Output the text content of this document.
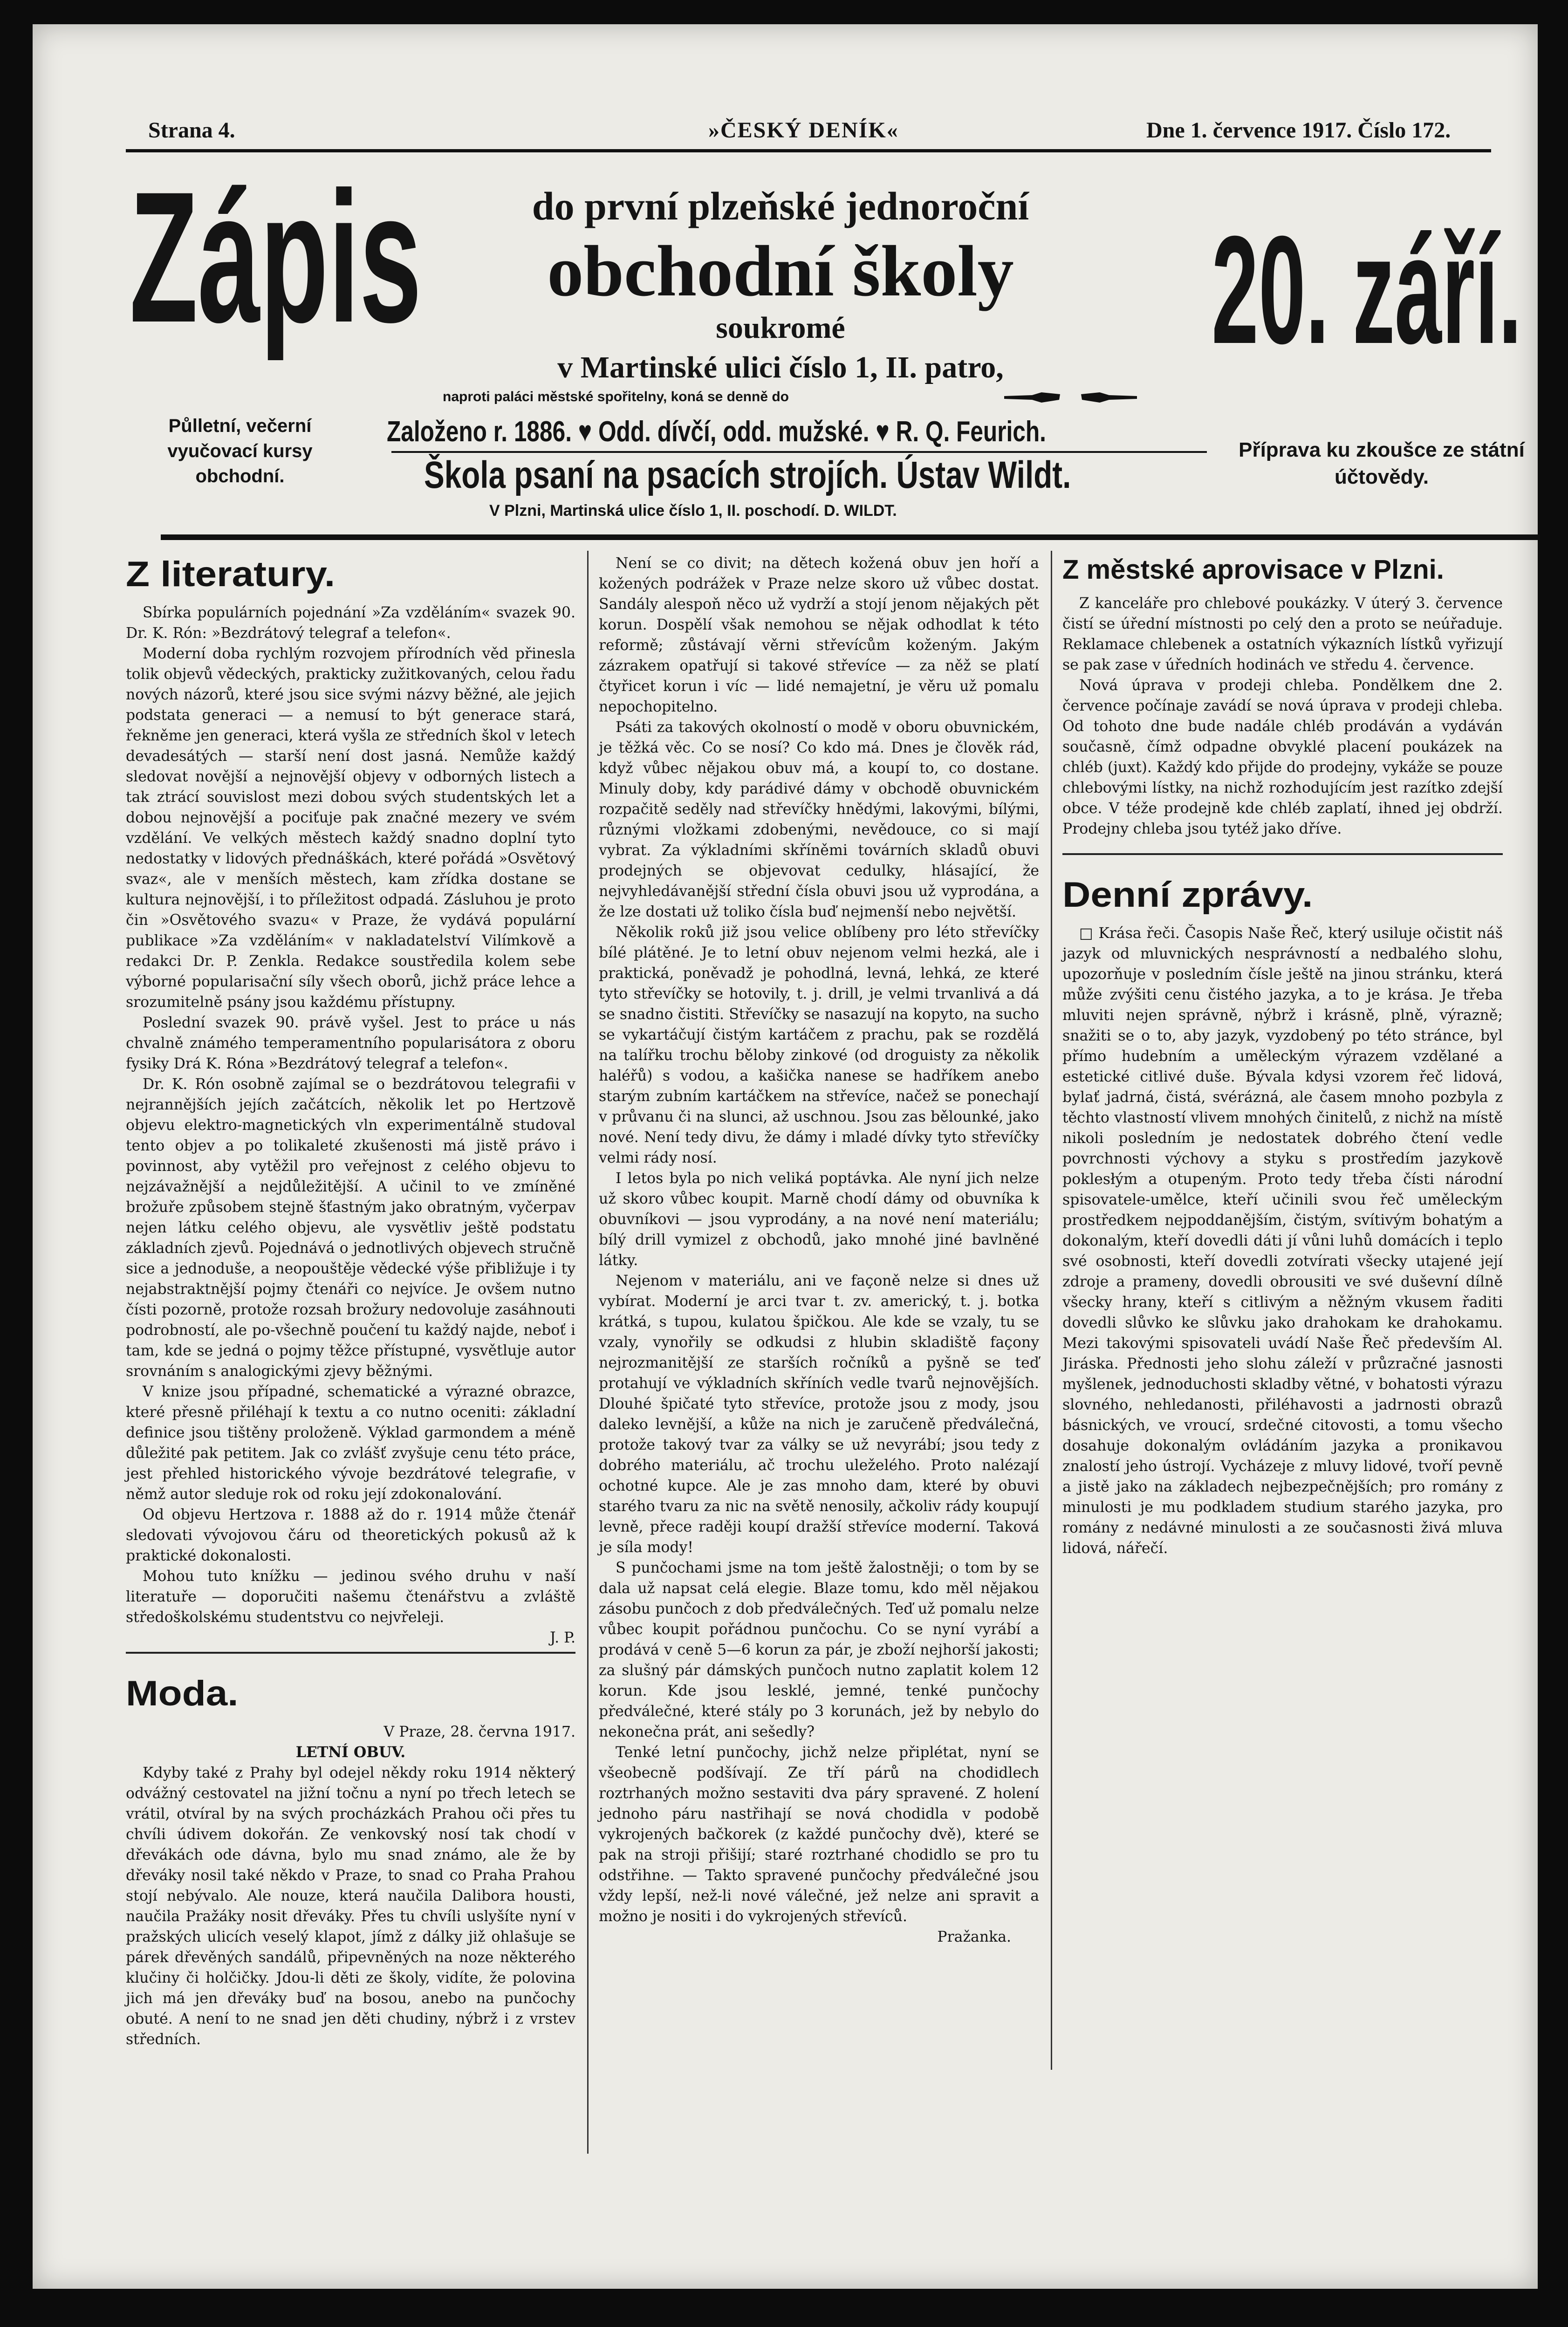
Strana 4.	»ČESKÝ DENÍK«	Dne 1. července 1917. Číslo 172.
Zápis
Půlletní, večerní vyučovací kursy obchodní.
do první plzeňské jednoroční
obchodní školy
soukromé
v Martinské ulici číslo 1, II. patro,
naproti paláci městské spořitelny, koná se denně do
Založeno r. 1886. ♥ Odd. dívčí, odd. mužské. ♥ R. Q. Feurich.
Škola psaní na psacích strojích. Ústav Wildt.
V Plzni, Martinská ulice číslo 1, II. poschodí. D. WILDT.
20. září.
Příprava ku zkoušce ze státní účtovědy.
Z literatury.

Sbírka populárních pojednání »Za vzděláním« svazek 90. Dr. K. Rón: »Bezdrátový telegraf a telefon«.

Moderní doba rychlým rozvojem přírodních věd přinesla tolik objevů vědeckých, prakticky zužitkovaných, celou řadu nových názorů, které jsou sice svými názvy běžné, ale jejich podstata generaci — a nemusí to být generace stará, řekněme jen generaci, která vyšla ze středních škol v letech devadesátých — starší není dost jasná. Nemůže každý sledovat novější a nejnovější objevy v odborných listech a tak ztrácí souvislost mezi dobou svých studentských let a dobou nejnovější a pociťuje pak značné mezery ve svém vzdělání. Ve velkých městech každý snadno doplní tyto nedostatky v lidových přednáškách, které pořádá »Osvětový svaz«, ale v menších městech, kam zřídka dostane se kultura nejnovější, i to příležitost odpadá. Zásluhou je proto čin »Osvětového svazu« v Praze, že vydává populární publikace »Za vzděláním« v nakladatelství Vilímkově a redakci Dr. P. Zenkla. Redakce soustředila kolem sebe výborné popularisační síly všech oborů, jichž práce lehce a srozumitelně psány jsou každému přístupny.

Poslední svazek 90. právě vyšel. Jest to práce u nás chvalně známého temperamentního popularisátora z oboru fysiky Drá K. Róna »Bezdrátový telegraf a telefon«.

Dr. K. Rón osobně zajímal se o bezdrátovou telegrafii v nejrannějších jejích začátcích, několik let po Hertzově objevu elektro-magnetických vln experimentálně studoval tento objev a po tolikaleté zkušenosti má jistě právo i povinnost, aby vytěžil pro veřejnost z celého objevu to nejzávažnější a nejdůležitější. A učinil to ve zmíněné brožuře způsobem stejně šťastným jako obratným, vyčerpav nejen látku celého objevu, ale vysvětliv ještě podstatu základních zjevů. Pojednává o jednotlivých objevech stručně sice a jednoduše, a neopouštěje vědecké výše přibližuje i ty nejabstraktnější pojmy čtenáři co nejvíce. Je ovšem nutno čísti pozorně, protože rozsah brožury nedovoluje zasáhnouti podrobností, ale po-všechně poučení tu každý najde, neboť i tam, kde se jedná o pojmy těžce přístupné, vysvětluje autor srovnáním s analogickými zjevy běžnými.

V knize jsou případné, schematické a výrazné obrazce, které přesně přiléhají k textu a co nutno oceniti: základní definice jsou tištěny proloženě. Výklad garmondem a méně důležité pak petitem. Jak co zvlášť zvyšuje cenu této práce, jest přehled historického vývoje bezdrátové telegrafie, v němž autor sleduje rok od roku její zdokonalování.

Od objevu Hertzova r. 1888 až do r. 1914 může čtenář sledovati vývojovou čáru od theoretických pokusů až k praktické dokonalosti.

Mohou tuto knížku — jedinou svého druhu v naší literatuře — doporučiti našemu čtenářstvu a zvláště středoškolskému studentstvu co nejvřeleji.

J. P.

Moda.

V Praze, 28. června 1917.

LETNÍ OBUV.

Kdyby také z Prahy byl odejel někdy roku 1914 některý odvážný cestovatel na jižní točnu a nyní po třech letech se vrátil, otvíral by na svých procházkách Prahou oči přes tu chvíli údivem dokořán. Ze venkovský nosí tak chodí v dřevákách ode dávna, bylo mu snad známo, ale že by dřeváky nosil také někdo v Praze, to snad co Praha Prahou stojí nebývalo. Ale nouze, která naučila Dalibora housti, naučila Pražáky nosit dřeváky. Přes tu chvíli uslyšíte nyní v pražských ulicích veselý klapot, jímž z dálky již ohlašuje se párek dřevěných sandálů, připevněných na noze některého klučiny či holčičky. Jdou-li děti ze školy, vidíte, že polovina jich má jen dřeváky buď na bosou, anebo na punčochy obuté. A není to ne snad jen děti chudiny, nýbrž i z vrstev středních.

Není se co divit; na dětech kožená obuv jen hoří a kožených podrážek v Praze nelze skoro už vůbec dostat. Sandály alespoň něco už vydrží a stojí jenom nějakých pět korun. Dospělí však nemohou se nějak odhodlat k této reformě; zůstávají věrni střevícům koženým. Jakým zázrakem opatřují si takové střevíce — za něž se platí čtyřicet korun i víc — lidé nemajetní, je věru už pomalu nepochopitelno.

Psáti za takových okolností o modě v oboru obuvnickém, je těžká věc. Co se nosí? Co kdo má. Dnes je člověk rád, když vůbec nějakou obuv má, a koupí to, co dostane. Minuly doby, kdy parádivé dámy v obchodě obuvnickém rozpačitě seděly nad střevíčky hnědými, lakovými, bílými, různými vložkami zdobenými, nevědouce, co si mají vybrat. Za výkladními skříněmi továrních skladů obuvi prodejných se objevovat cedulky, hlásající, že nejvyhledávanější střední čísla obuvi jsou už vyprodána, a že lze dostati už toliko čísla buď nejmenší nebo největší.

Několik roků již jsou velice oblíbeny pro léto střevíčky bílé plátěné. Je to letní obuv nejenom velmi hezká, ale i praktická, poněvadž je pohodlná, levná, lehká, ze které tyto střevíčky se hotovily, t. j. drill, je velmi trvanlivá a dá se snadno čistiti. Střevíčky se nasazují na kopyto, na sucho se vykartáčují čistým kartáčem z prachu, pak se rozdělá na talířku trochu běloby zinkové (od droguisty za několik haléřů) s vodou, a kašička nanese se hadříkem anebo starým zubním kartáčkem na střevíce, načež se ponechají v průvanu či na slunci, až uschnou. Jsou zas bělounké, jako nové. Není tedy divu, že dámy i mladé dívky tyto střevíčky velmi rády nosí.

I letos byla po nich veliká poptávka. Ale nyní jich nelze už skoro vůbec koupit. Marně chodí dámy od obuvníka k obuvníkovi — jsou vyprodány, a na nové není materiálu; bílý drill vymizel z obchodů, jako mnohé jiné bavlněné látky.

Nejenom v materiálu, ani ve façoně nelze si dnes už vybírat. Moderní je arci tvar t. zv. americký, t. j. botka krátká, s tupou, kulatou špičkou. Ale kde se vzaly, tu se vzaly, vynořily se odkudsi z hlubin skladiště façony nejrozmanitější ze starších ročníků a pyšně se teď protahují ve výkladních skříních vedle tvarů nejnovějších. Dlouhé špičaté tyto střevíce, protože jsou z mody, jsou daleko levnější, a kůže na nich je zaručeně předválečná, protože takový tvar za války se už nevyrábí; jsou tedy z dobrého materiálu, ač trochu uleželého. Proto nalézají ochotné kupce. Ale je zas mnoho dam, které by obuvi starého tvaru za nic na světě nenosily, ačkoliv rády koupují levně, přece raději koupí dražší střevíce moderní. Taková je síla mody!

S punčochami jsme na tom ještě žalostněji; o tom by se dala už napsat celá elegie. Blaze tomu, kdo měl nějakou zásobu punčoch z dob předválečných. Teď už pomalu nelze vůbec koupit pořádnou punčochu. Co se nyní vyrábí a prodává v ceně 5—6 korun za pár, je zboží nejhorší jakosti; za slušný pár dámských punčoch nutno zaplatit kolem 12 korun. Kde jsou lesklé, jemné, tenké punčochy předválečné, které stály po 3 korunách, jež by nebylo do nekonečna prát, ani sešedly?

Tenké letní punčochy, jichž nelze připlétat, nyní se všeobecně podšívají. Ze tří párů na chodidlech roztrhaných možno sestaviti dva páry spravené. Z holení jednoho páru nastřihají se nová chodidla v podobě vykrojených bačkorek (z každé punčochy dvě), které se pak na stroji přišijí; staré roztrhané chodidlo se pro tu odstřihne. — Takto spravené punčochy předválečné jsou vždy lepší, než-li nové válečné, jež nelze ani spravit a možno je nositi i do vykrojených střevíců.

Pražanka.

Z městské aprovisace v Plzni.

Z kanceláře pro chlebové poukázky. V úterý 3. července čistí se úřední místnosti po celý den a proto se neúřaduje. Reklamace chlebenek a ostatních výkazních lístků vyřizují se pak zase v úředních hodinách ve středu 4. července.

Nová úprava v prodeji chleba. Pondělkem dne 2. července počínaje zavádí se nová úprava v prodeji chleba. Od tohoto dne bude nadále chléb prodáván a vydáván současně, čímž odpadne obvyklé placení poukázek na chléb (juxt). Každý kdo přijde do prodejny, vykáže se pouze chlebovými lístky, na nichž rozhodujícím jest razítko zdejší obce. V téže prodejně kde chléb zaplatí, ihned jej obdrží. Prodejny chleba jsou tytéž jako dříve.

Denní zprávy.

□ Krása řeči. Časopis Naše Řeč, který usiluje očistit náš jazyk od mluvnických nesprávností a nedbalého slohu, upozorňuje v posledním čísle ještě na jinou stránku, která může zvýšiti cenu čistého jazyka, a to je krása. Je třeba mluviti nejen správně, nýbrž i krásně, plně, výrazně; snažiti se o to, aby jazyk, vyzdobený po této stránce, byl přímo hudebním a uměleckým výrazem vzdělané a estetické citlivé duše. Bývala kdysi vzorem řeč lidová, bylať jadrná, čistá, svérázná, ale časem mnoho pozbyla z těchto vlastností vlivem mnohých činitelů, z nichž na místě nikoli posledním je nedostatek dobrého čtení vedle povrchnosti výchovy a styku s prostředím jazykově poklesłým a otupeným. Proto tedy třeba čísti národní spisovatele-umělce, kteří učinili svou řeč uměleckým prostředkem nejpoddanějším, čistým, svítivým bohatým a dokonalým, kteří dovedli dáti jí vůni luhů domácích i teplo své osobnosti, kteří dovedli zotvírati všecky utajené její zdroje a prameny, dovedli obrousiti ve své duševní dílně všecky hrany, kteří s citlivým a něžným vkusem řaditi dovedli slůvko ke slůvku jako drahokam ke drahokamu. Mezi takovými spisovateli uvádí Naše Řeč především Al. Jiráska. Přednosti jeho slohu záleží v průzračné jasnosti myšlenek, jednoduchosti skladby větné, v bohatosti výrazu slovného, nehledanosti, přiléhavosti a jadrnosti obrazů básnických, ve vroucí, srdečné citovosti, a tomu všecho dosahuje dokonalým ovládáním jazyka a pronikavou znalostí jeho ústrojí. Vycházeje z mluvy lidové, tvoří pevně a jistě jako na základech nejbezpečnějších; pro romány z minulosti je mu podkladem studium starého jazyka, pro romány z nedávné minulosti a ze současnosti živá mluva lidová, nářečí.
